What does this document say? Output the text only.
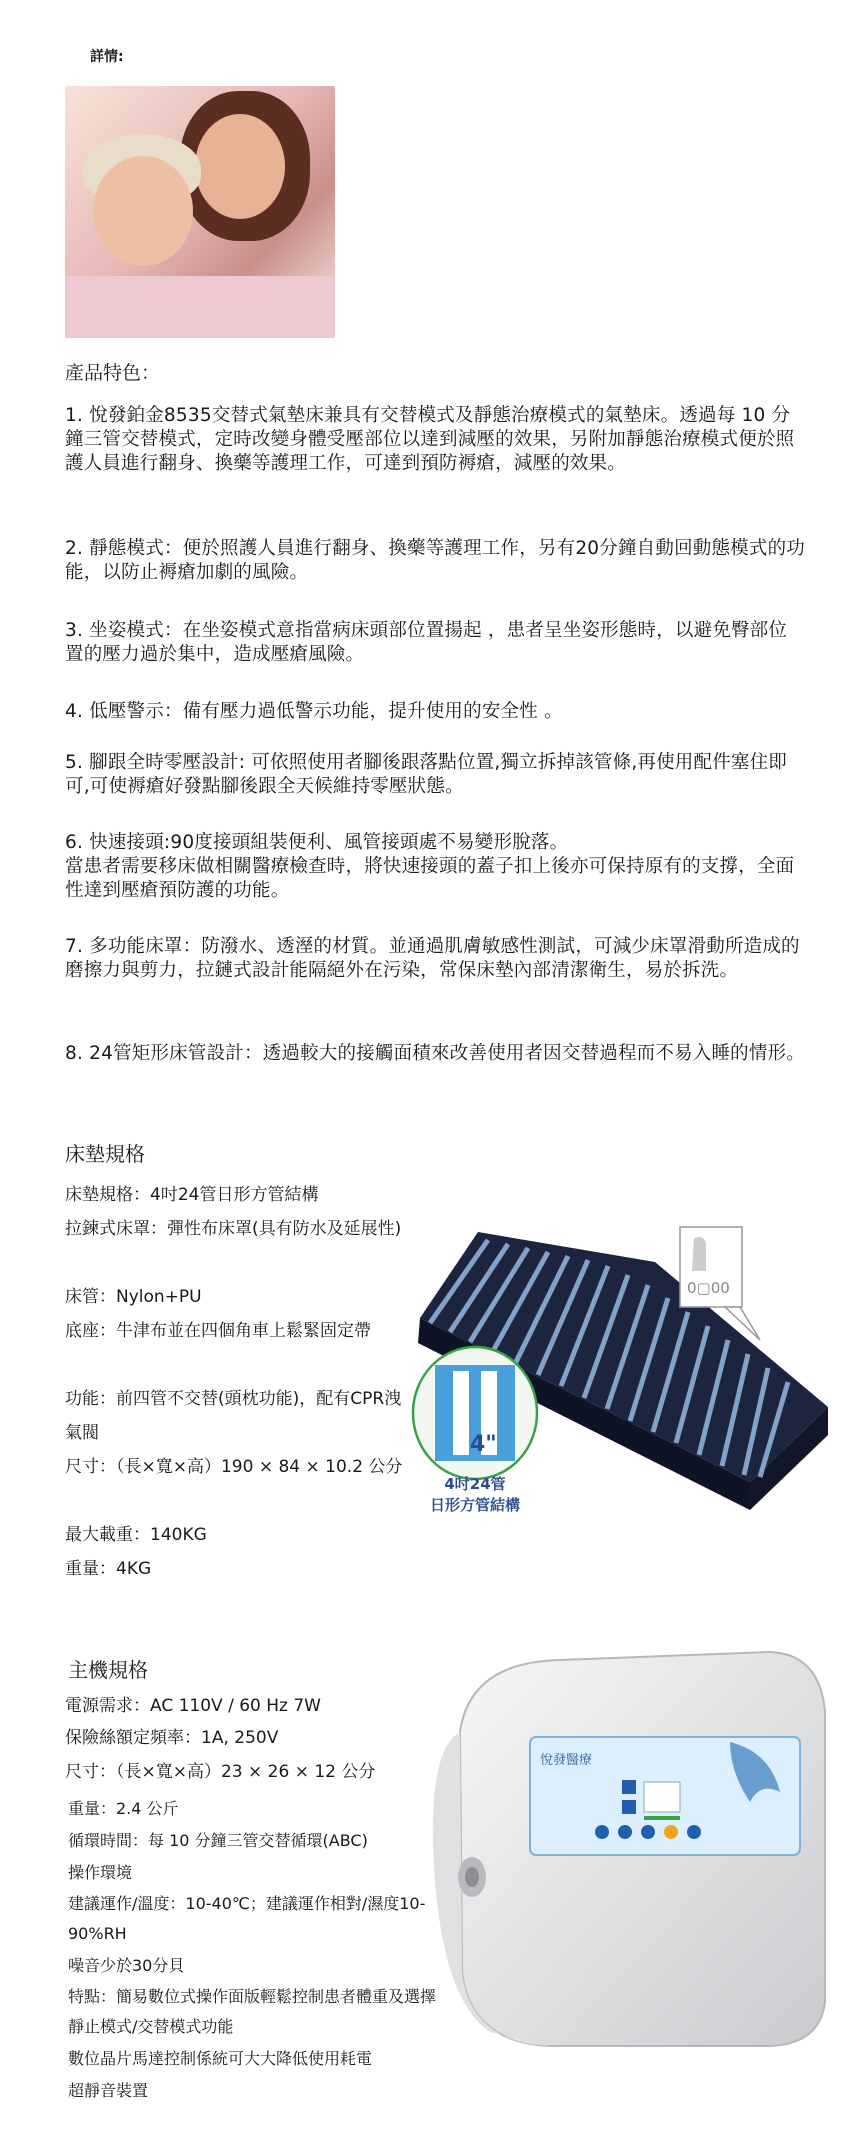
詳情:
產品特色：
1. 悅發鉑金8535交替式氣墊床兼具有交替模式及靜態治療模式的氣墊床。透過每 10 分鐘三管交替模式，定時改變身體受壓部位以達到減壓的效果，另附加靜態治療模式便於照護人員進行翻身、換藥等護理工作，可達到預防褥瘡，減壓的效果。
2. 靜態模式：便於照護人員進行翻身、換藥等護理工作，另有20分鐘自動回動態模式的功能，以防止褥瘡加劇的風險。
3. 坐姿模式：在坐姿模式意指當病床頭部位置揚起 ，患者呈坐姿形態時，以避免臀部位置的壓力過於集中，造成壓瘡風險。
4. 低壓警示：備有壓力過低警示功能，提升使用的安全性 。
5. 腳跟全時零壓設計: 可依照使用者腳後跟落點位置,獨立拆掉該管條,再使用配件塞住即可,可使褥瘡好發點腳後跟全天候維持零壓狀態。
6. 快速接頭:90度接頭組裝便利、風管接頭處不易變形脫落。
當患者需要移床做相關醫療檢查時，將快速接頭的蓋子扣上後亦可保持原有的支撐，全面性達到壓瘡預防護的功能。
7. 多功能床罩：防潑水、透溼的材質。並通過肌膚敏感性測試，可減少床罩滑動所造成的磨擦力與剪力，拉鏈式設計能隔絕外在污染，常保床墊內部清潔衛生，易於拆洗。
8. 24管矩形床管設計：透過較大的接觸面積來改善使用者因交替過程而不易入睡的情形。
床墊規格
床墊規格：4吋24管日形方管結構
拉鍊式床罩：彈性布床罩(具有防水及延展性)
床管：Nylon+PU
底座：牛津布並在四個角車上鬆緊固定帶
功能：前四管不交替(頭枕功能)，配有CPR洩氣閥
尺寸：（長×寬×高）190 × 84 × 10.2 公分
最大載重：140KG
重量：4KG
0▢00
4"
4吋24管
日形方管結構
主機規格
電源需求：AC 110V / 60 Hz 7W
保險絲額定頻率：1A, 250V
尺寸：（長×寬×高）23 × 26 × 12 公分
重量：2.4 公斤
循環時間：每 10 分鐘三管交替循環(ABC)
操作環境
建議運作/溫度：10-40℃；建議運作相對/濕度10-90%RH
噪音少於30分貝
特點：簡易數位式操作面版輕鬆控制患者體重及選擇靜止模式/交替模式功能
數位晶片馬達控制係統可大大降低使用耗電
超靜音裝置
悅發醫療
